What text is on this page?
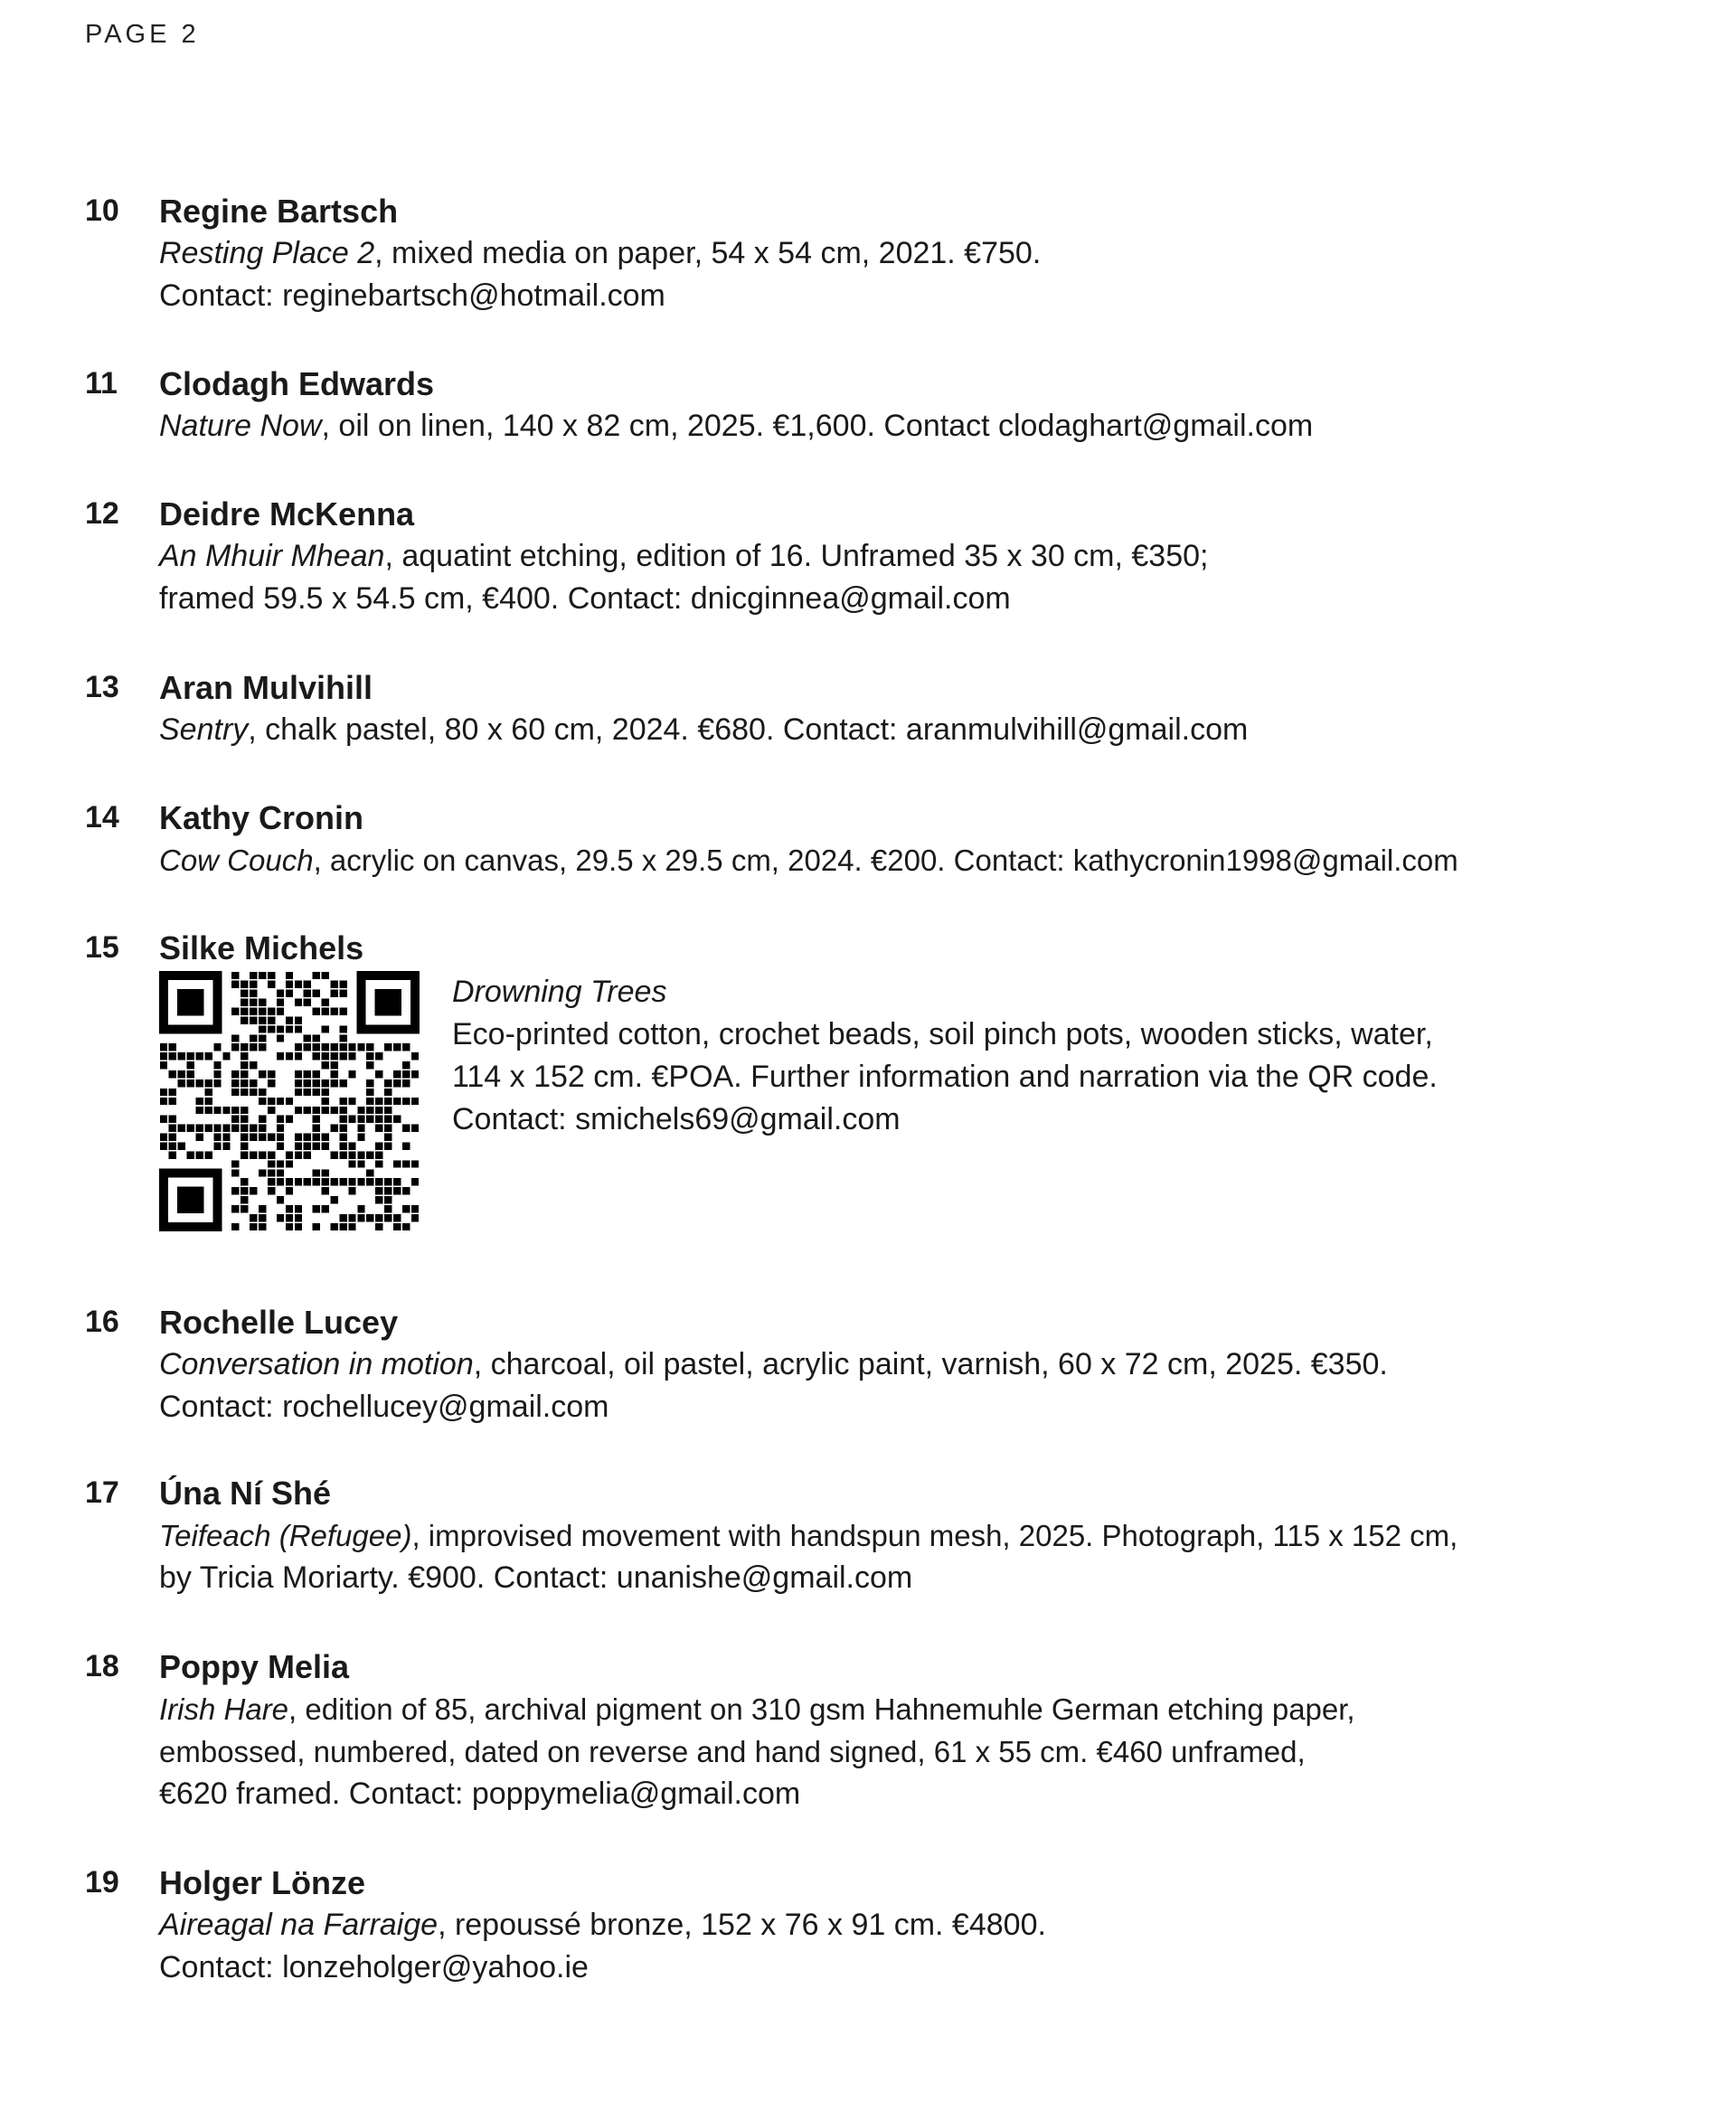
PAGE 2
10	Regine Bartsch
Resting Place 2, mixed media on paper, 54 x 54 cm, 2021. €750.
Contact: reginebartsch@hotmail.com
11	Clodagh Edwards
Nature Now, oil on linen, 140 x 82 cm, 2025. €1,600. Contact clodaghart@gmail.com
12	Deidre McKenna
An Mhuir Mhean, aquatint etching, edition of 16. Unframed 35 x 30 cm, €350;
framed 59.5 x 54.5 cm, €400. Contact: dnicginnea@gmail.com
13	Aran Mulvihill
Sentry, chalk pastel, 80 x 60 cm, 2024. €680. Contact: aranmulvihill@gmail.com
14	Kathy Cronin
Cow Couch, acrylic on canvas, 29.5 x 29.5 cm, 2024. €200. Contact: kathycronin1998@gmail.com
15	Silke Michels
Drowning Trees
Eco-printed cotton, crochet beads, soil pinch pots, wooden sticks, water,
114 x 152 cm. €POA. Further information and narration via the QR code.
Contact: smichels69@gmail.com
16	Rochelle Lucey
Conversation in motion, charcoal, oil pastel, acrylic paint, varnish, 60 x 72 cm, 2025. €350.
Contact: rochellucey@gmail.com
17	Úna Ní Shé
Teifeach (Refugee), improvised movement with handspun mesh, 2025. Photograph, 115 x 152 cm,
by Tricia Moriarty. €900. Contact: unanishe@gmail.com
18	Poppy Melia
Irish Hare, edition of 85, archival pigment on 310 gsm Hahnemuhle German etching paper,
embossed, numbered, dated on reverse and hand signed, 61 x 55 cm. €460 unframed,
€620 framed. Contact: poppymelia@gmail.com
19	Holger Lönze
Aireagal na Farraige, repoussé bronze, 152 x 76 x 91 cm. €4800.
Contact: lonzeholger@yahoo.ie
